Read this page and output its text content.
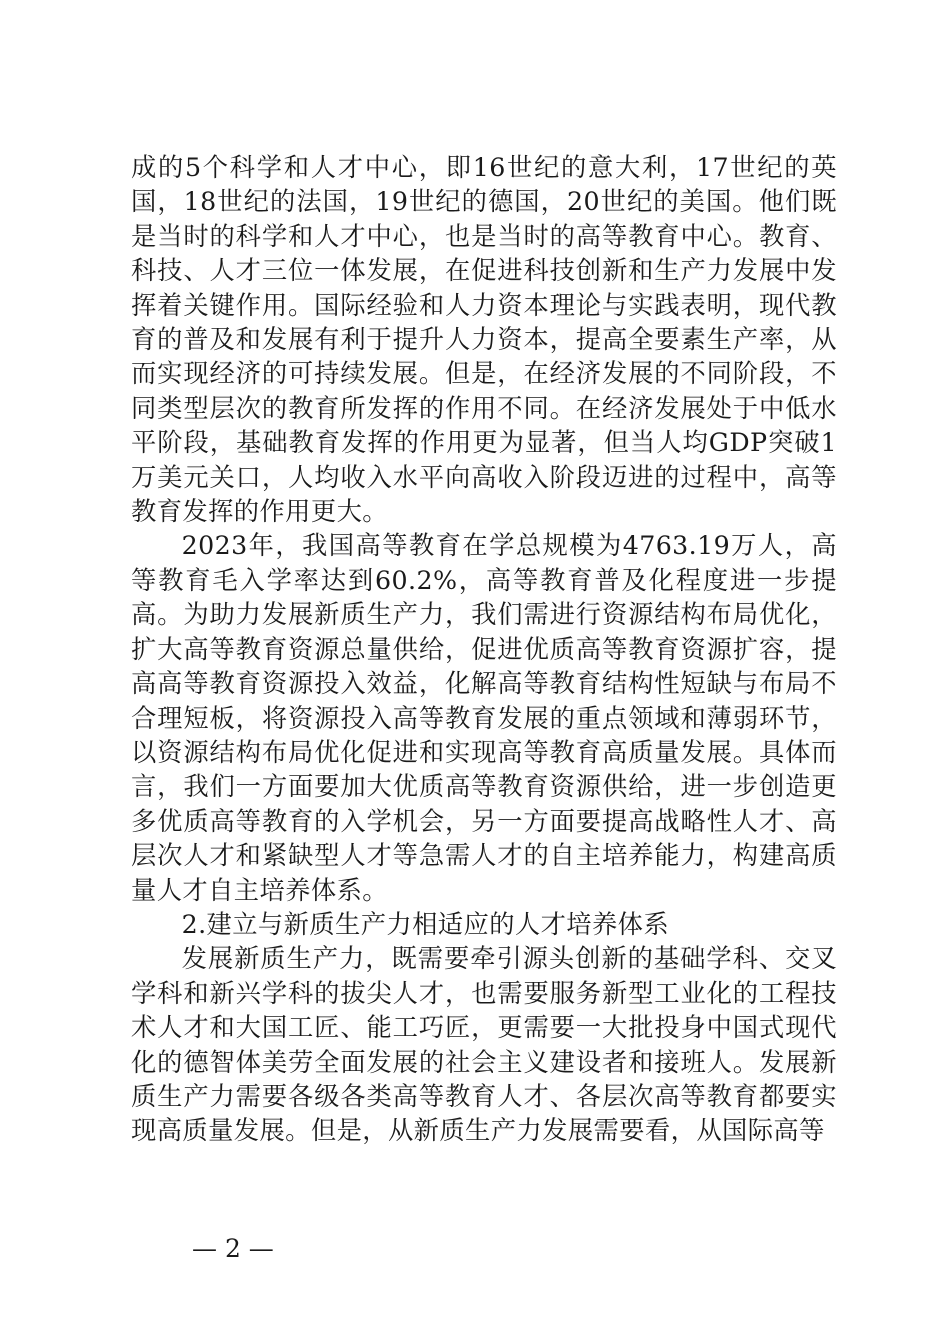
成的5个科学和人才中心，即16世纪的意大利，17世纪的英国，18世纪的法国，19世纪的德国，20世纪的美国。他们既是当时的科学和人才中心，也是当时的高等教育中心。教育、科技、人才三位一体发展，在促进科技创新和生产力发展中发挥着关键作用。国际经验和人力资本理论与实践表明，现代教育的普及和发展有利于提升人力资本，提高全要素生产率，从而实现经济的可持续发展。但是，在经济发展的不同阶段，不同类型层次的教育所发挥的作用不同。在经济发展处于中低水平阶段，基础教育发挥的作用更为显著，但当人均GDP突破1万美元关口，人均收入水平向高收入阶段迈进的过程中，高等教育发挥的作用更大。

2023年，我国高等教育在学总规模为4763.19万人，高等教育毛入学率达到60.2%，高等教育普及化程度进一步提高。为助力发展新质生产力，我们需进行资源结构布局优化，扩大高等教育资源总量供给，促进优质高等教育资源扩容，提高高等教育资源投入效益，化解高等教育结构性短缺与布局不合理短板，将资源投入高等教育发展的重点领域和薄弱环节，以资源结构布局优化促进和实现高等教育高质量发展。具体而言，我们一方面要加大优质高等教育资源供给，进一步创造更多优质高等教育的入学机会，另一方面要提高战略性人才、高层次人才和紧缺型人才等急需人才的自主培养能力，构建高质量人才自主培养体系。

2.建立与新质生产力相适应的人才培养体系

发展新质生产力，既需要牵引源头创新的基础学科、交叉学科和新兴学科的拔尖人才，也需要服务新型工业化的工程技术人才和大国工匠、能工巧匠，更需要一大批投身中国式现代化的德智体美劳全面发展的社会主义建设者和接班人。发展新质生产力需要各级各类高等教育人才、各层次高等教育都要实现高质量发展。但是，从新质生产力发展需要看，从国际高等

— 2 —
